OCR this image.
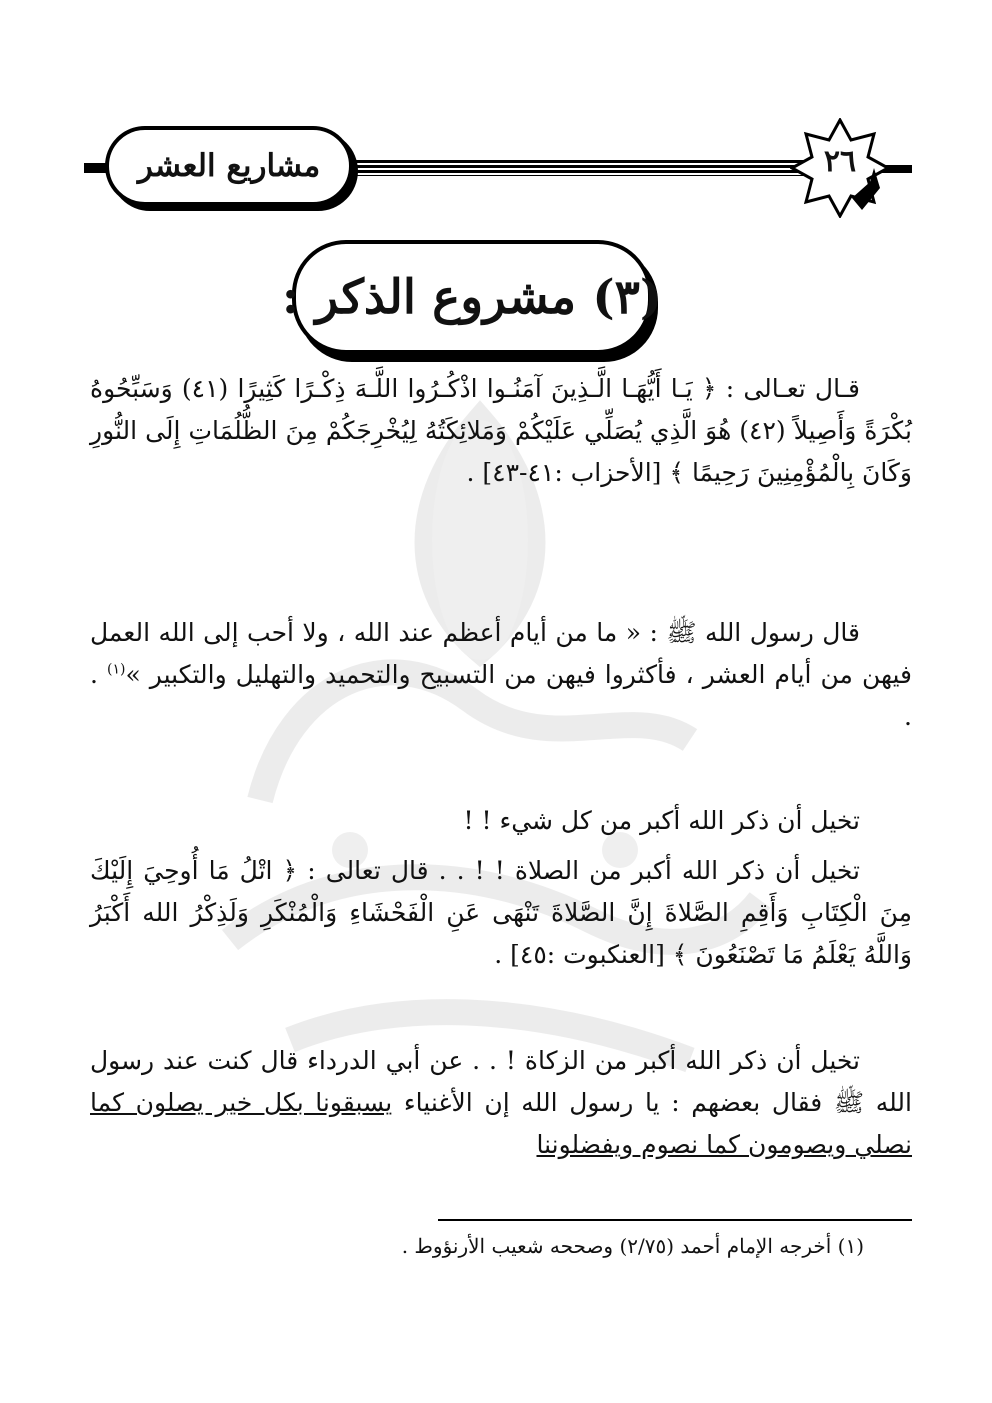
مشاريع العشر	٢٦
(٣) مشروع الذكر :

قـال تعـالى : ﴿ يَـا أَيُّهَـا الَّـذِينَ آمَنُـوا اذْكُـرُوا اللَّـهَ ذِكْـرًا كَثِيرًا (٤١) وَسَبِّحُوهُ بُكْرَةً وَأَصِيلاً (٤٢) هُوَ الَّذِي يُصَلِّي عَلَيْكُمْ وَمَلائِكَتُهُ لِيُخْرِجَكُمْ مِنَ الظُّلُمَاتِ إِلَى النُّورِ وَكَانَ بِالْمُؤْمِنِينَ رَحِيمًا ﴾ [الأحزاب :٤١-٤٣] .

قال رسول الله ﷺ : « ما من أيام أعظم عند الله ، ولا أحب إلى الله العمل فيهن من أيام العشر ، فأكثروا فيهن من التسبيح والتحميد والتهليل والتكبير »$^{(١)}$ . .

تخيل أن ذكر الله أكبر من كل شيء ! !

تخيل أن ذكر الله أكبر من الصلاة ! ! . . قال تعالى : ﴿ اتْلُ مَا أُوحِيَ إِلَيْكَ مِنَ الْكِتَابِ وَأَقِمِ الصَّلاةَ إِنَّ الصَّلاةَ تَنْهَى عَنِ الْفَحْشَاءِ وَالْمُنْكَرِ وَلَذِكْرُ الله أَكْبَرُ وَاللَّهُ يَعْلَمُ مَا تَصْنَعُونَ ﴾ [العنكبوت :٤٥] .

تخيل أن ذكر الله أكبر من الزكاة ! . . عن أبي الدرداء قال كنت عند رسول الله ﷺ فقال بعضهم : يا رسول الله إن الأغنياء يسبقونا بكل خير يصلون كما نصلي ويصومون كما نصوم ويفضلوننا

(١) أخرجه الإمام أحمد (٢/٧٥) وصححه شعيب الأرنؤوط .
